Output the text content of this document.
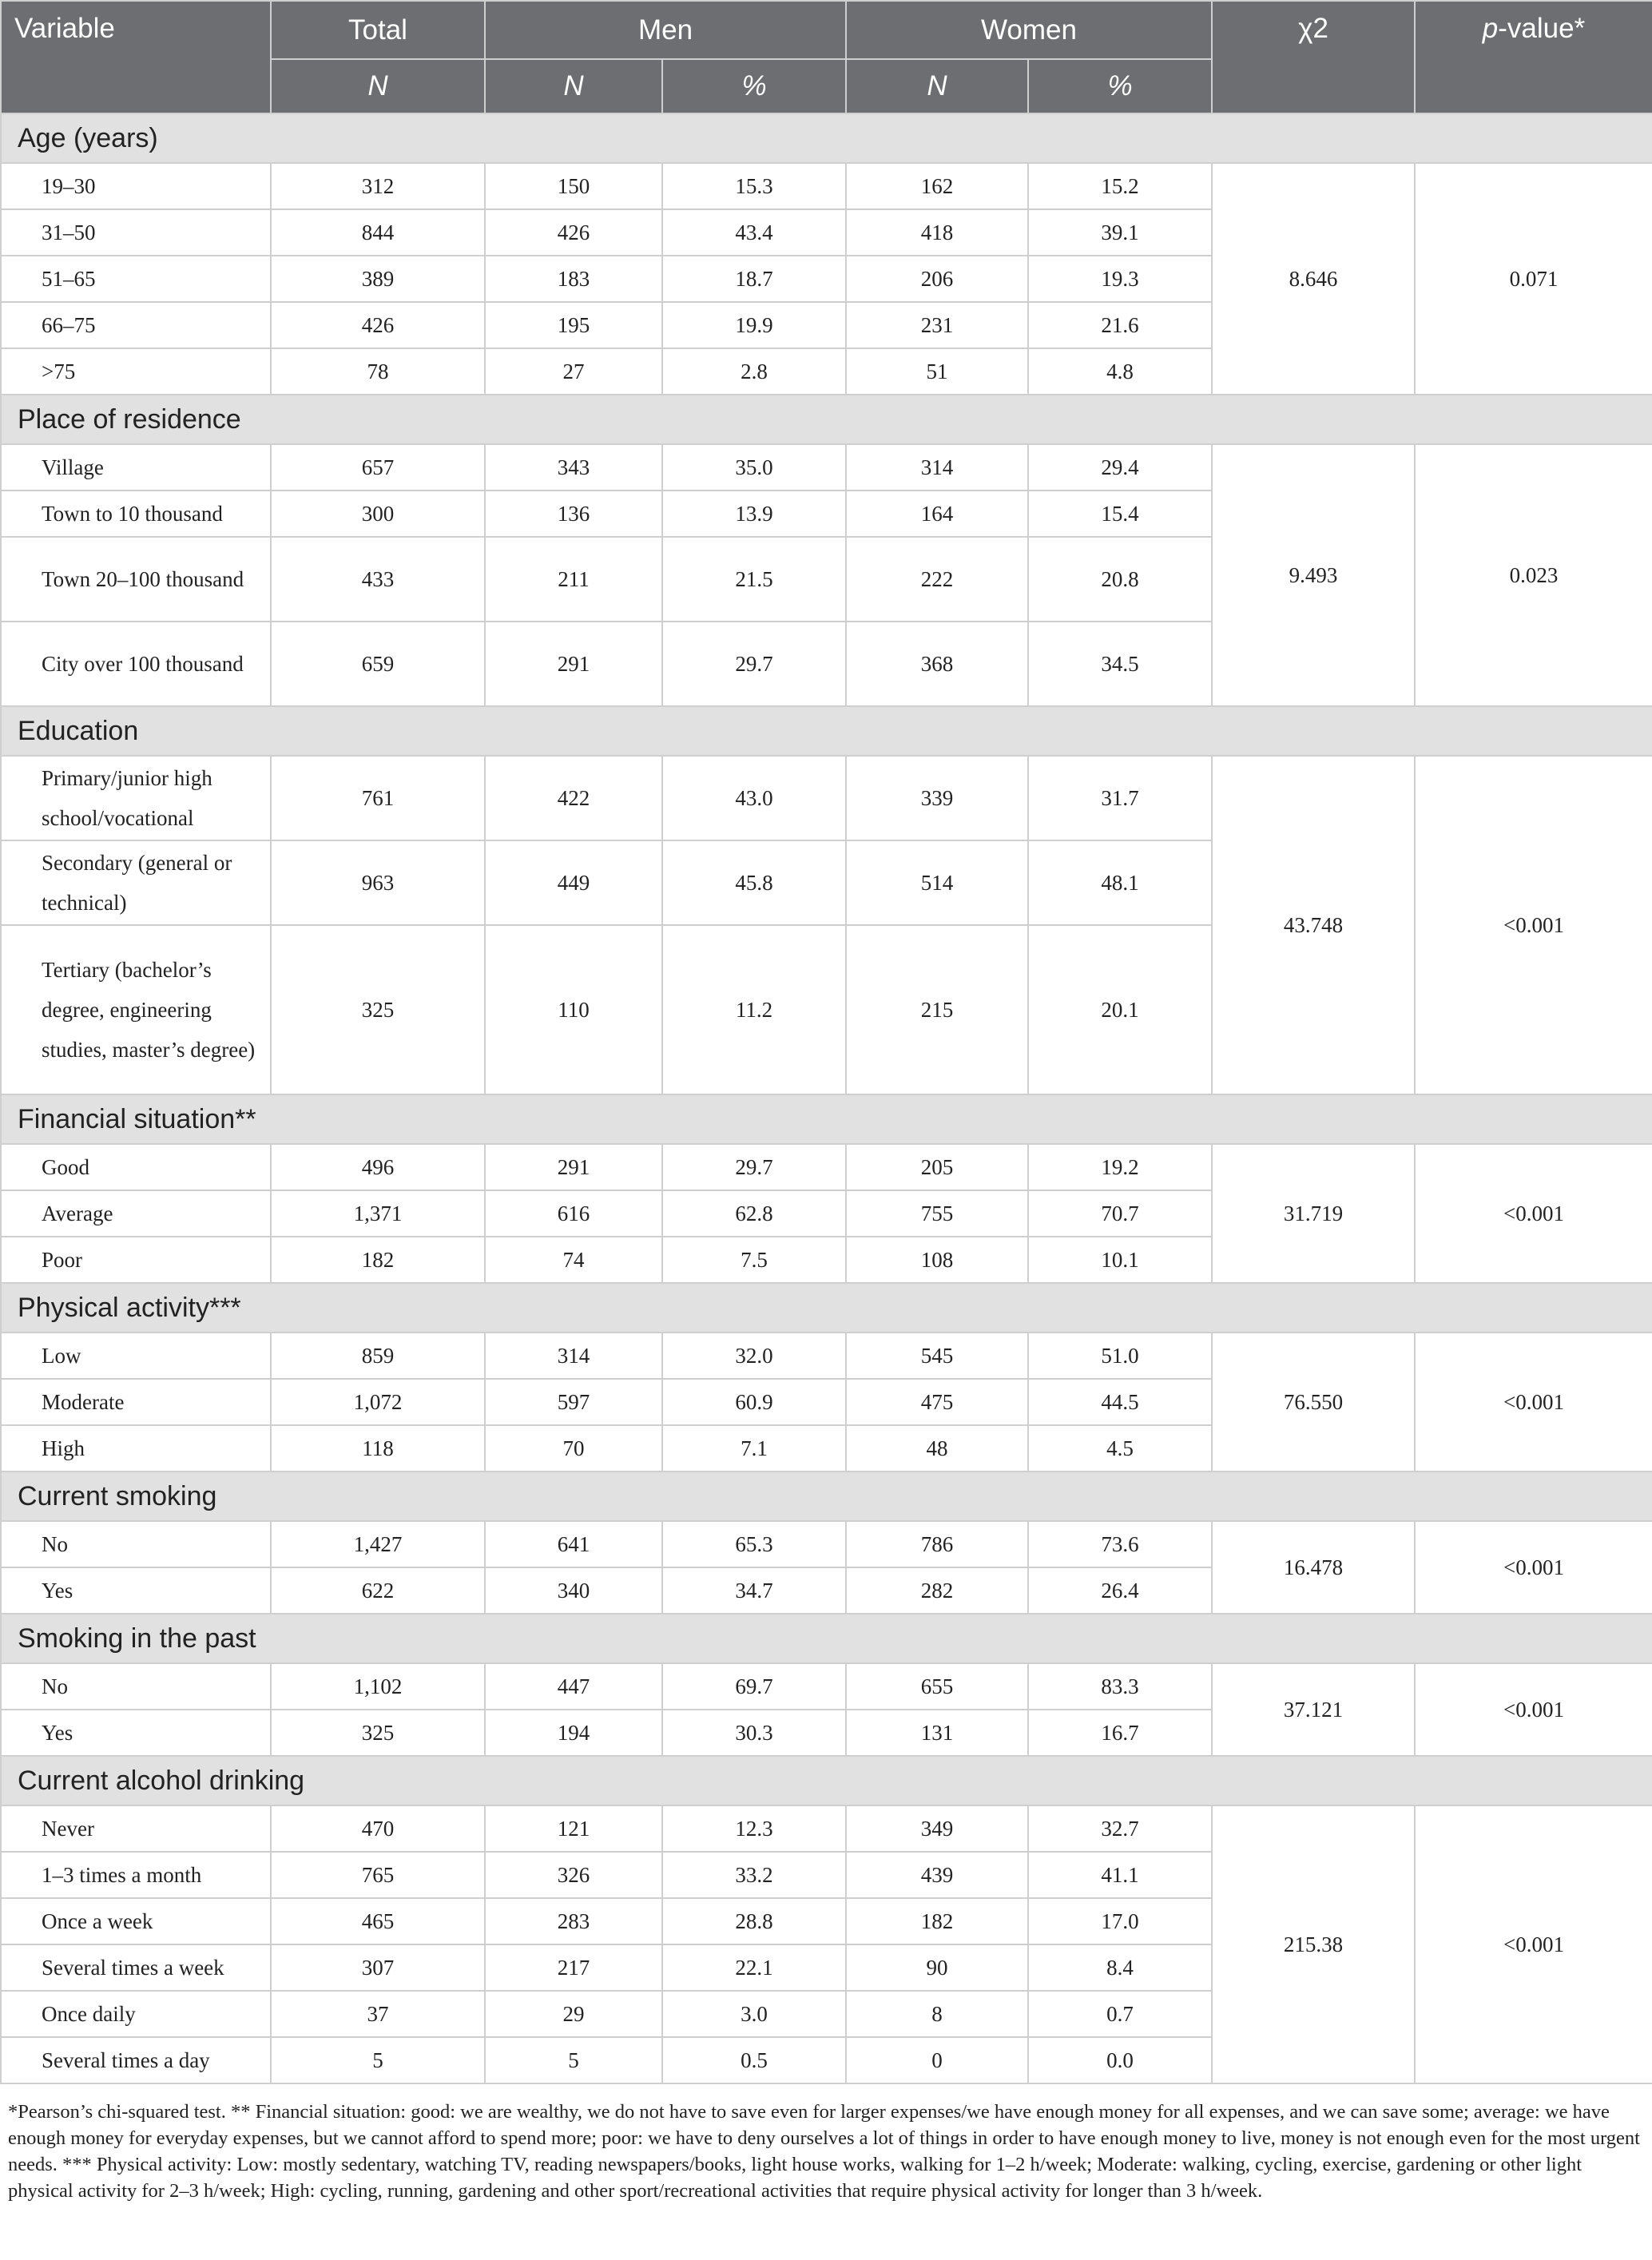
Variable	Total	Men		Women		χ2	p-value*
	N	N	%	N	%		
Age (years)							
19–30	312	150	15.3	162	15.2	8.646	0.071
31–50	844	426	43.4	418	39.1		
51–65	389	183	18.7	206	19.3		
66–75	426	195	19.9	231	21.6		
>75	78	27	2.8	51	4.8		
Place of residence							
Village	657	343	35.0	314	29.4	9.493	0.023
Town to 10 thousand	300	136	13.9	164	15.4		
Town 20–100 thousand	433	211	21.5	222	20.8		
City over 100 thousand	659	291	29.7	368	34.5		
Education							
Primary/junior high school/vocational	761	422	43.0	339	31.7	43.748	<0.001
Secondary (general or technical)	963	449	45.8	514	48.1		
Tertiary (bachelor’s degree, engineering studies, master’s degree)	325	110	11.2	215	20.1		
Financial situation**							
Good	496	291	29.7	205	19.2	31.719	<0.001
Average	1,371	616	62.8	755	70.7		
Poor	182	74	7.5	108	10.1		
Physical activity***							
Low	859	314	32.0	545	51.0	76.550	<0.001
Moderate	1,072	597	60.9	475	44.5		
High	118	70	7.1	48	4.5		
Current smoking							
No	1,427	641	65.3	786	73.6	16.478	<0.001
Yes	622	340	34.7	282	26.4		
Smoking in the past							
No	1,102	447	69.7	655	83.3	37.121	<0.001
Yes	325	194	30.3	131	16.7		
Current alcohol drinking							
Never	470	121	12.3	349	32.7	215.38	<0.001
1–3 times a month	765	326	33.2	439	41.1		
Once a week	465	283	28.8	182	17.0		
Several times a week	307	217	22.1	90	8.4		
Once daily	37	29	3.0	8	0.7		
Several times a day	5	5	0.5	0	0.0		

*Pearson’s chi-squared test. ** Financial situation: good: we are wealthy, we do not have to save even for larger expenses/we have enough money for all expenses, and we can save some; average: we have enough money for everyday expenses, but we cannot afford to spend more; poor: we have to deny ourselves a lot of things in order to have enough money to live, money is not enough even for the most urgent needs. *** Physical activity: Low: mostly sedentary, watching TV, reading newspapers/books, light house works, walking for 1–2 h/week; Moderate: walking, cycling, exercise, gardening or other light physical activity for 2–3 h/week; High: cycling, running, gardening and other sport/recreational activities that require physical activity for longer than 3 h/week.
